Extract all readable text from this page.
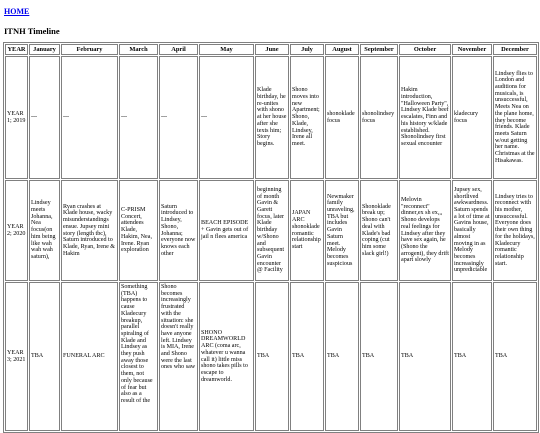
HOME
ITNH Timeline
YEAR	January	February	March	April	May	June	July	August	September	October	November	December
YEAR 1; 2019	---	---	---	---	---	Klade birthday, he re-unites with shono at her house after she texts him; Story begins.	Shono moves into new Apartment; Shono, Klade, Lindsey, Irene all meet.	shonoklade focus	shonolindsey focus	Hakim introduction, "Halloween Party", Lindsey Klade beef escalates, Finn and his history w/klade established. Shonolindsey first sexual encounter	kladecury focus	Lindsey flies to London and auditions for musicals, is unsuccessful, Meets Nea on the plane home, they become friends. Klade meets Saturn w/out getting her name. Christmas at the Hisakawas.
YEAR 2; 2020	Lindsey meets Johanna, Nea focus(on him being like wah wah wah saturn),	Ryan crashes at Klade house, wacky misunderstandings ensue. Jupsey mini story (length tbc), Saturn introduced to Klade, Ryan, Irene & Hakim	C-PRISM Concert, attendees Klade, Hakim, Nea, Irene. Ryan exploration	Saturn introduced to Lindsey, Shono, Johanna; everyone now knows each other	BEACH EPISODE + Gavin gets out of jail n flees america	beginning of month Gavin & Garett focus, later Klade birthday w/Shono and subsequent Gavin encounter @ Facility	JAPAN ARC shonoklade romantic relationship start	Newmaker family unraveling, TBA but includes Gavin Saturn meet. Melody becomes suspicious	Shonoklade break up; Shono can't deal with Klade's bad coping (cut him some slack girl!)	Melovin "reconnect" dinner,ex sh ex,,, Shono develops real feelings for Lindsey after they have sex again, he (Shono the arrogent), they drift apart slowly	Jupsey sex, shortlived awkwardness. Saturn spends a lot of time at Gavins house, basically almost moving in as Melody becomes increasingly unpredictable	Lindsey tries to reconnect with his mother, unsuccessful. Everyone does their own thing for the holidays, Kladecury romantic relationship start.
YEAR 3; 2021	TBA	FUNERAL ARC	Something (TBA) happens to cause Kladecury breakup, parallel spiraling of Klade and Lindsey as they push away those closest to them, not only because of fear but also as a result of the	Shono becomes increasingly frustrated with the situation: she doesn't really have anyone left. Lindsey is MIA, Irene and Shono were the last ones who saw	SHONO DREAMWORLD ARC (coma arc, whatever u wanna call it) little miss shono takes pills to escape to dreamworld.	TBA	TBA	TBA	TBA	TBA	TBA	TBA
